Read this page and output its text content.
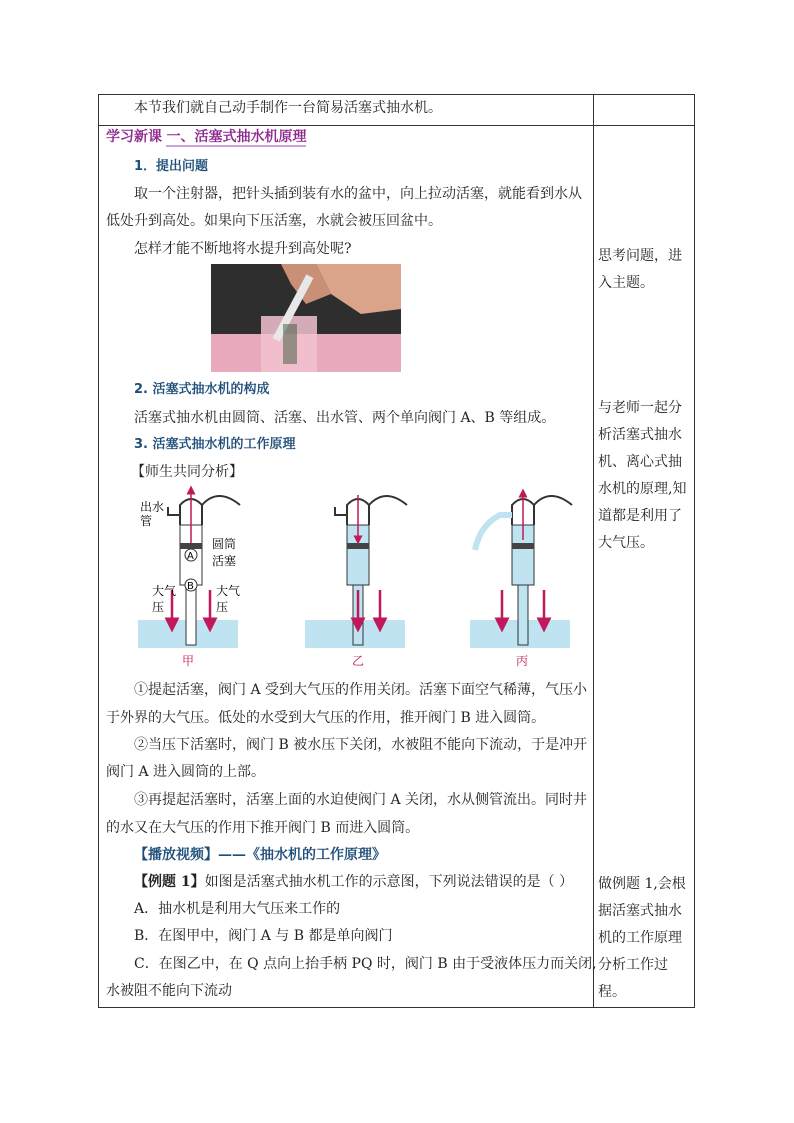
本节我们就自己动手制作一台简易活塞式抽水机。
学习新课 一、活塞式抽水机原理
1．提出问题
取一个注射器，把针头插到装有水的盆中，向上拉动活塞，就能看到水从
低处升到高处。如果向下压活塞，水就会被压回盆中。
怎样才能不断地将水提升到高处呢?
2. 活塞式抽水机的构成
活塞式抽水机由圆筒、活塞、出水管、两个单向阀门 A、B 等组成。
3. 活塞式抽水机的工作原理
【师生共同分析】
A
B
出水
管
圆筒
活塞
大气
压
大气
压
甲	乙	丙
①提起活塞，阀门 A 受到大气压的作用关闭。活塞下面空气稀薄，气压小
于外界的大气压。低处的水受到大气压的作用，推开阀门 B 进入圆筒。
②当压下活塞时，阀门 B 被水压下关闭，水被阻不能向下流动，于是冲开
阀门 A 进入圆筒的上部。
③再提起活塞时，活塞上面的水迫使阀门 A 关闭，水从侧管流出。同时井
的水又在大气压的作用下推开阀门 B 而进入圆筒。
【播放视频】——《抽水机的工作原理》
【例题 1】如图是活塞式抽水机工作的示意图，下列说法错误的是（ ）
A．抽水机是利用大气压来工作的
B．在图甲中，阀门 A 与 B 都是单向阀门
C．在图乙中，在 Q 点向上抬手柄 PQ 时，阀门 B 由于受液体压力而关闭,
水被阻不能向下流动
思考问题，进入主题。
与老师一起分析活塞式抽水机、离心式抽水机的原理,知道都是利用了大气压。
做例题 1,会根据活塞式抽水机的工作原理分析工作过程。
